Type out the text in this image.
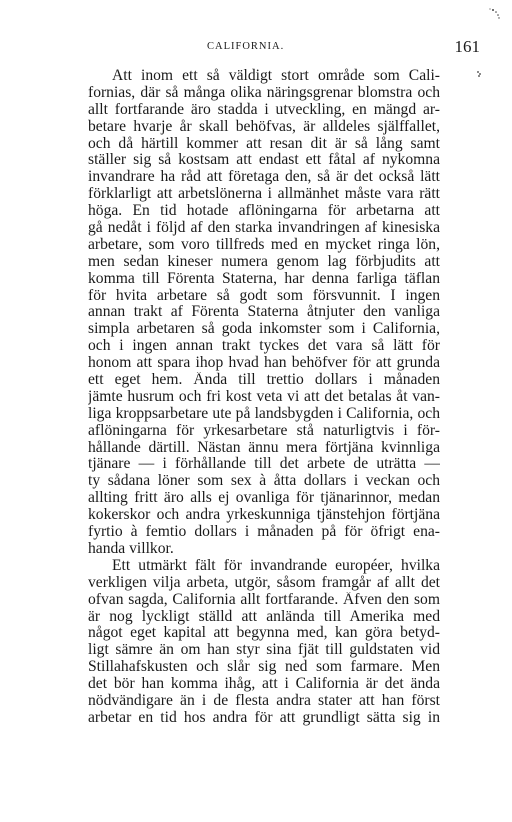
CALIFORNIA.	161
Att inom ett så väldigt stort område som Cali-
fornias, där så många olika näringsgrenar blomstra och
allt fortfarande äro stadda i utveckling, en mängd ar-
betare hvarje år skall behöfvas, är alldeles själffallet,
och då härtill kommer att resan dit är så lång samt
ställer sig så kostsam att endast ett fåtal af nykomna
invandrare ha råd att företaga den, så är det också lätt
förklarligt att arbetslönerna i allmänhet måste vara rätt
höga. En tid hotade aflöningarna för arbetarna att
gå nedåt i följd af den starka invandringen af kinesiska
arbetare, som voro tillfreds med en mycket ringa lön,
men sedan kineser numera genom lag förbjudits att
komma till Förenta Staterna, har denna farliga täflan
för hvita arbetare så godt som försvunnit. I ingen
annan trakt af Förenta Staterna åtnjuter den vanliga
simpla arbetaren så goda inkomster som i California,
och i ingen annan trakt tyckes det vara så lätt för
honom att spara ihop hvad han behöfver för att grunda
ett eget hem. Ända till trettio dollars i månaden
jämte husrum och fri kost veta vi att det betalas åt van-
liga kroppsarbetare ute på landsbygden i California, och
aflöningarna för yrkesarbetare stå naturligtvis i för-
hållande därtill. Nästan ännu mera förtjäna kvinnliga
tjänare — i förhållande till det arbete de uträtta —
ty sådana löner som sex à åtta dollars i veckan och
allting fritt äro alls ej ovanliga för tjänarinnor, medan
kokerskor och andra yrkeskunniga tjänstehjon förtjäna
fyrtio à femtio dollars i månaden på för öfrigt ena-
handa villkor.
Ett utmärkt fält för invandrande européer, hvilka
verkligen vilja arbeta, utgör, såsom framgår af allt det
ofvan sagda, California allt fortfarande. Äfven den som
är nog lyckligt ställd att anlända till Amerika med
något eget kapital att begynna med, kan göra betyd-
ligt sämre än om han styr sina fjät till guldstaten vid
Stillahafskusten och slår sig ned som farmare. Men
det bör han komma ihåg, att i California är det ända
nödvändigare än i de flesta andra stater att han först
arbetar en tid hos andra för att grundligt sätta sig in
